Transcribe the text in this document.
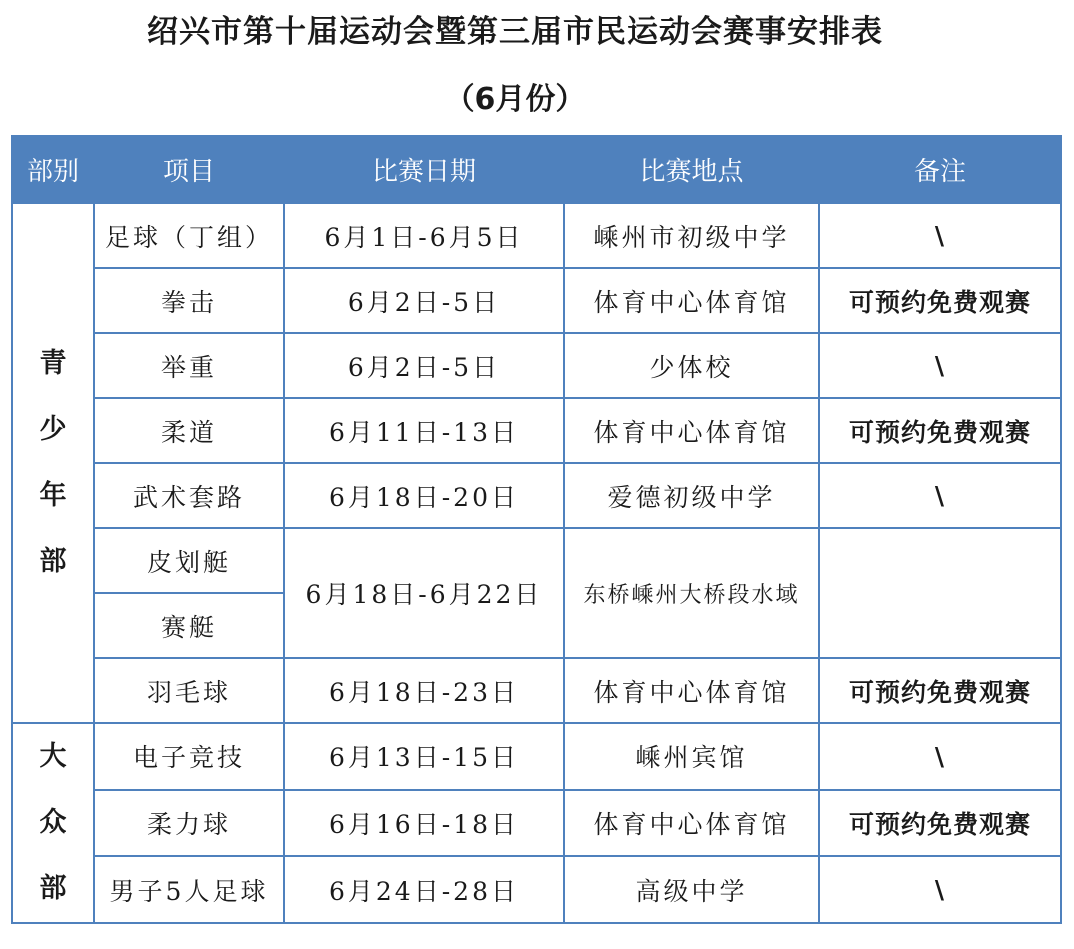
绍兴市第十届运动会暨第三届市民运动会赛事安排表
（6月份）
部别	项目	比赛日期	比赛地点	备注

青
少
年
部	足球（丁组）	6月1日-6月5日	嵊州市初级中学	\
	拳击	6月2日-5日	体育中心体育馆	可预约免费观赛
	举重	6月2日-5日	少体校	\
	柔道	6月11日-13日	体育中心体育馆	可预约免费观赛
	武术套路	6月18日-20日	爱德初级中学	\
	皮划艇	6月18日-6月22日	东桥嵊州大桥段水域	
	赛艇			
	羽毛球	6月18日-23日	体育中心体育馆	可预约免费观赛

大
众
部	电子竞技	6月13日-15日	嵊州宾馆	\
	柔力球	6月16日-18日	体育中心体育馆	可预约免费观赛
	男子5人足球	6月24日-28日	高级中学	\
